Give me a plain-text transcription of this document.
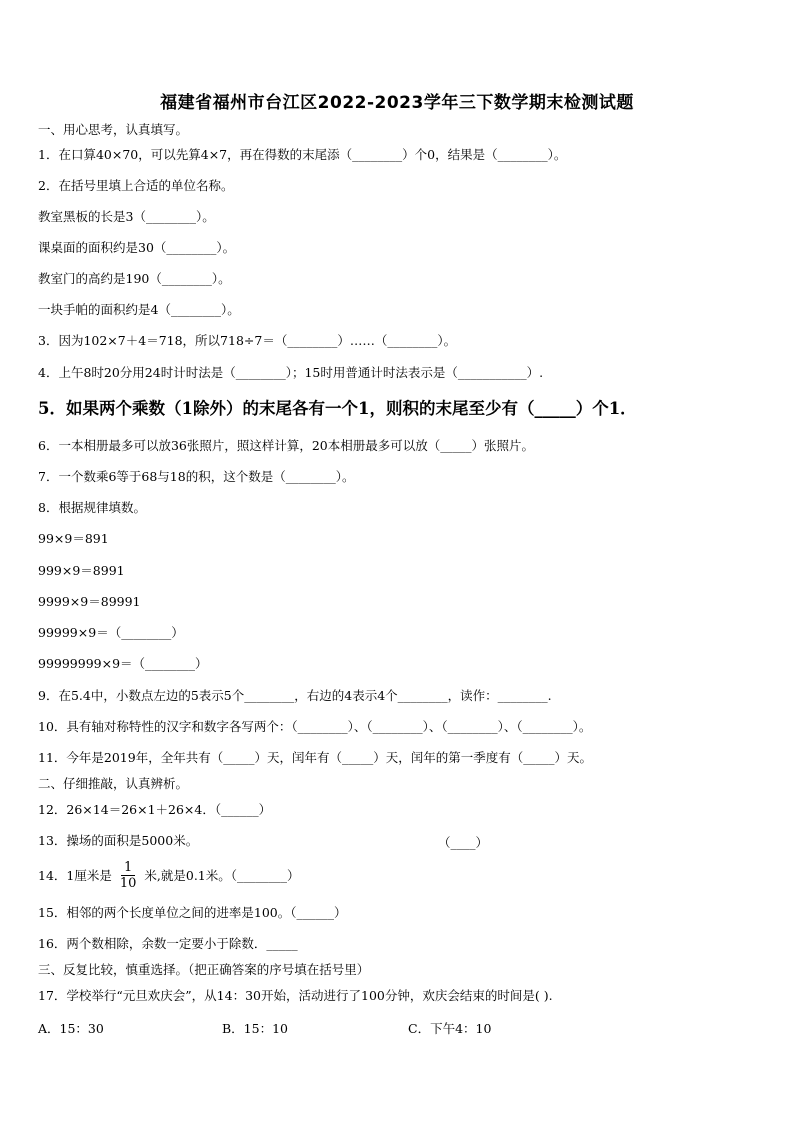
福建省福州市台江区2022-2023学年三下数学期末检测试题
一、用心思考，认真填写。
1．在口算40×70，可以先算4×7，再在得数的末尾添（________）个0，结果是（________）。
2．在括号里填上合适的单位名称。
教室黑板的长是3（________）。
课桌面的面积约是30（________）。
教室门的高约是190（________）。
一块手帕的面积约是4（________）。
3．因为102×7＋4＝718，所以718÷7＝（________）……（________）。
4．上午8时20分用24时计时法是（________）；15时用普通计时法表示是（___________）.
5．如果两个乘数（1除外）的末尾各有一个1，则积的末尾至少有（_____）个1．
6．一本相册最多可以放36张照片，照这样计算，20本相册最多可以放（_____）张照片。
7．一个数乘6等于68与18的积，这个数是（________）。
8．根据规律填数。
99×9＝891
999×9＝8991
9999×9＝89991
99999×9＝（________）
99999999×9＝（________）
9．在5.4中，小数点左边的5表示5个________，右边的4表示4个________，读作：________.
10．具有轴对称特性的汉字和数字各写两个：（________）、（________）、（________）、（________）。
11．今年是2019年，全年共有（_____）天，闰年有（_____）天，闰年的第一季度有（_____）天。
二、仔细推敲，认真辨析。
12．26×14＝26×1＋26×4．（______）
13．操场的面积是5000米。	（____）
14．1厘米是 $\frac{1}{10}$ 米,就是0.1米。（________）
15．相邻的两个长度单位之间的进率是100。（______）
16．两个数相除，余数一定要小于除数．_____
三、反复比较，慎重选择。（把正确答案的序号填在括号里）
17．学校举行“元旦欢庆会”，从14：30开始，活动进行了100分钟，欢庆会结束的时间是( ).
A．15：30	B．15：10	C．下午4：10
